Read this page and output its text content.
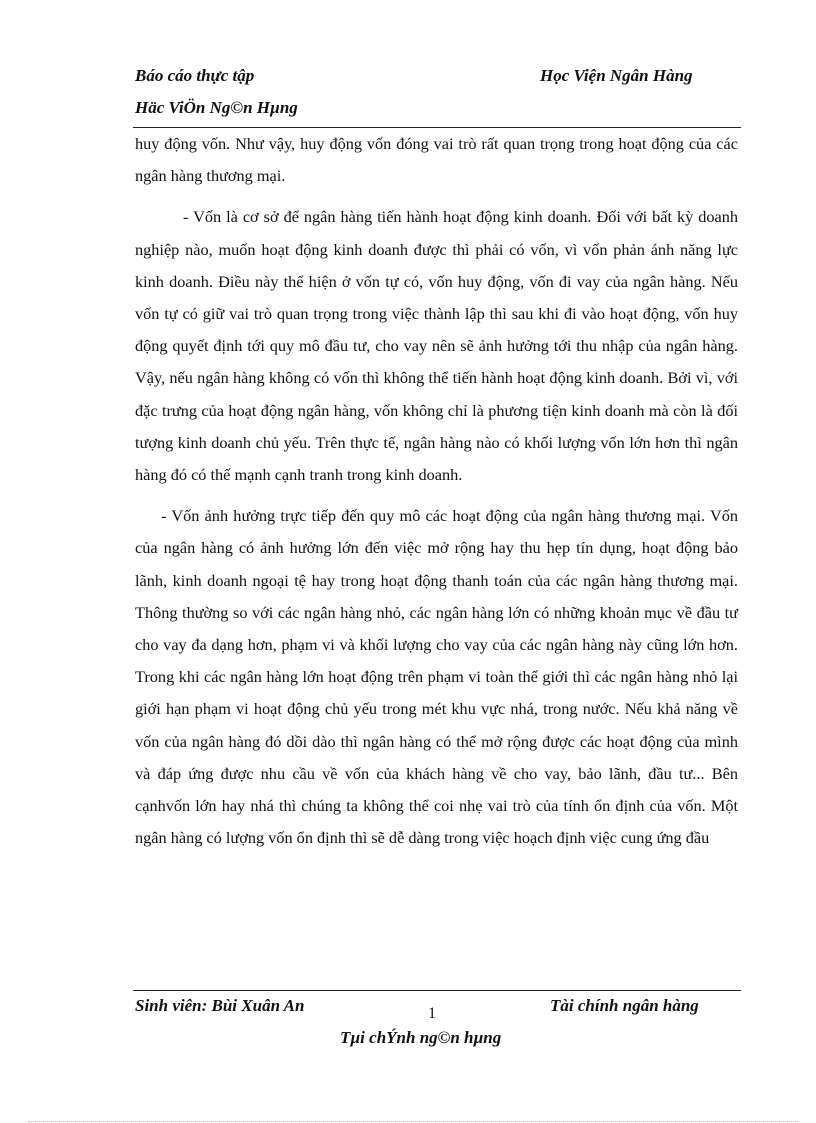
Báo cáo thực tập	Học Viện Ngân Hàng
Häc ViÖn Ng©n Hµng

huy động vốn. Như vậy, huy động vốn đóng vai trò rất quan trọng trong hoạt động của các ngân hàng thương mại.

- Vốn là cơ sở để ngân hàng tiến hành hoạt động kinh doanh. Đối với bất kỳ doanh nghiệp nào, muốn hoạt động kinh doanh được thì phải có vốn, vì vốn phản ánh năng lực kinh doanh. Điều này thể hiện ở vốn tự có, vốn huy động, vốn đi vay của ngân hàng. Nếu vốn tự có giữ vai trò quan trọng trong việc thành lập thì sau khi đi vào hoạt động, vốn huy động quyết định tới quy mô đầu tư, cho vay nên sẽ ảnh hưởng tới thu nhập của ngân hàng. Vậy, nếu ngân hàng không có vốn thì không thể tiến hành hoạt động kinh doanh. Bởi vì, với đặc trưng của hoạt động ngân hàng, vốn không chỉ là phương tiện kinh doanh mà còn là đối tượng kinh doanh chủ yếu. Trên thực tế, ngân hàng nào có khối lượng vốn lớn hơn thì ngân hàng đó có thế mạnh cạnh tranh trong kinh doanh.

- Vốn ảnh hưởng trực tiếp đến quy mô các hoạt động của ngân hàng thương mại. Vốn của ngân hàng có ảnh hưởng lớn đến việc mở rộng hay thu hẹp tín dụng, hoạt động bảo lãnh, kinh doanh ngoại tệ hay trong hoạt động thanh toán của các ngân hàng thương mại. Thông thường so với các ngân hàng nhỏ, các ngân hàng lớn có những khoản mục về đầu tư cho vay đa dạng hơn, phạm vi và khối lượng cho vay của các ngân hàng này cũng lớn hơn. Trong khi các ngân hàng lớn hoạt động trên phạm vi toàn thế giới thì các ngân hàng nhỏ lại giới hạn phạm vi hoạt động chủ yếu trong mét khu vực nhá, trong nước. Nếu khả năng về vốn của ngân hàng đó dồi dào thì ngân hàng có thể mở rộng được các hoạt động của mình và đáp ứng được nhu cầu về vốn của khách hàng về cho vay, bảo lãnh, đầu tư... Bên cạnhvốn lớn hay nhá thì chúng ta không thể coi nhẹ vai trò của tính ổn định của vốn. Một ngân hàng có lượng vốn ổn định thì sẽ dễ dàng trong việc hoạch định việc cung ứng đầu

Sinh viên: Bùi Xuân An	1	Tài chính ngân hàng
Tµi chÝnh ng©n hµng
